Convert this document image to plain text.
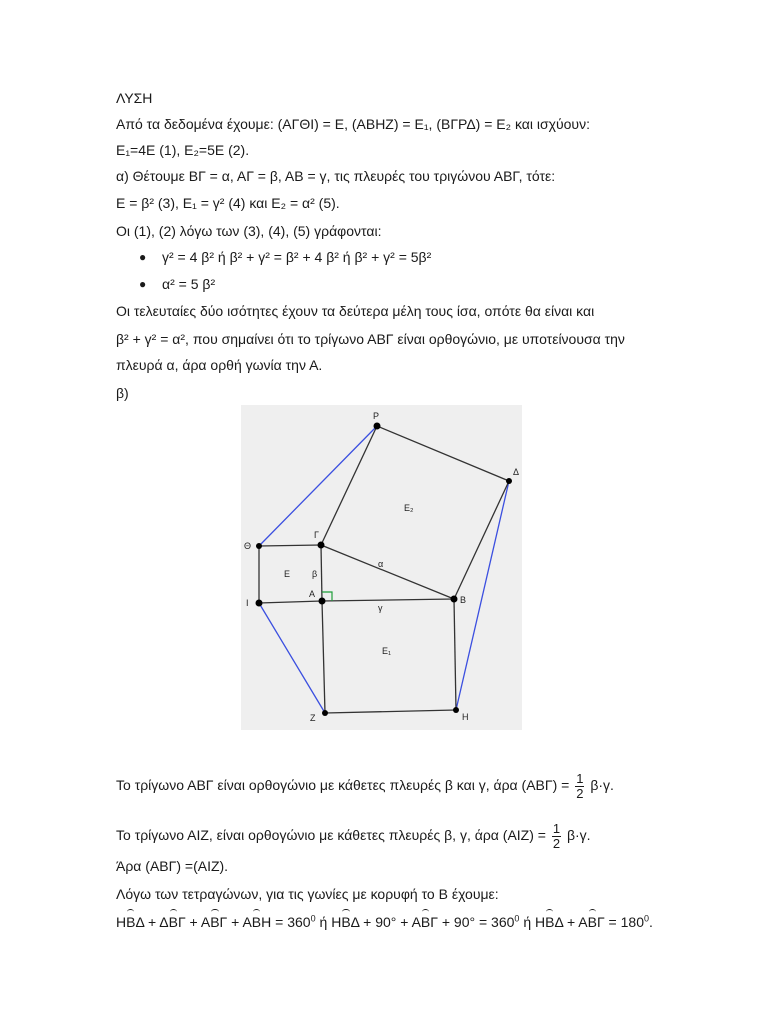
ΛΥΣΗ
Από τα δεδομένα έχουμε: (ΑΓΘΙ) = Ε, (ΑΒΗΖ) = Ε₁, (ΒΓΡΔ) = Ε₂ και ισχύουν:
Ε₁=4Ε (1), Ε₂=5Ε (2).
α) Θέτουμε ΒΓ = α, ΑΓ = β, ΑΒ = γ, τις πλευρές του τριγώνου ΑΒΓ, τότε:
Ε = β² (3), Ε₁ = γ² (4) και Ε₂ = α² (5).
Οι (1), (2) λόγω των (3), (4), (5) γράφονται:
● γ² = 4 β² ή β² + γ² = β² + 4 β² ή β² + γ² = 5β²
● α² = 5 β²
Οι τελευταίες δύο ισότητες έχουν τα δεύτερα μέλη τους ίσα, οπότε θα είναι και
β² + γ² = α², που σημαίνει ότι το τρίγωνο ΑΒΓ είναι ορθογώνιο, με υποτείνουσα την
πλευρά α, άρα ορθή γωνία την Α.
β)
Ρ
Δ
Θ
Γ
Ι
Α
Β
Ζ	Η
Ε₂
Ε
Ε₁
α
β
γ
Το τρίγωνο ΑΒΓ είναι ορθογώνιο με κάθετες πλευρές β και γ, άρα $(AB\Gamma) = \frac{1}{2} \beta\cdot\gamma$.
Το τρίγωνο ΑΙΖ, είναι ορθογώνιο με κάθετες πλευρές β, γ, άρα $(AIZ) = \frac{1}{2} \beta\cdot\gamma$.
Άρα (ΑΒΓ) =(ΑΙΖ).
Λόγω των τετραγώνων, για τις γωνίες με κορυφή το Β έχουμε:
$HB\Delta + \Delta B\Gamma + AB\Gamma + ABH = 360^0$ ή $HB\Delta + 90^\circ + AB\Gamma + 90^\circ = 360^0$ ή $HB\Delta + AB\Gamma = 180^0$.
